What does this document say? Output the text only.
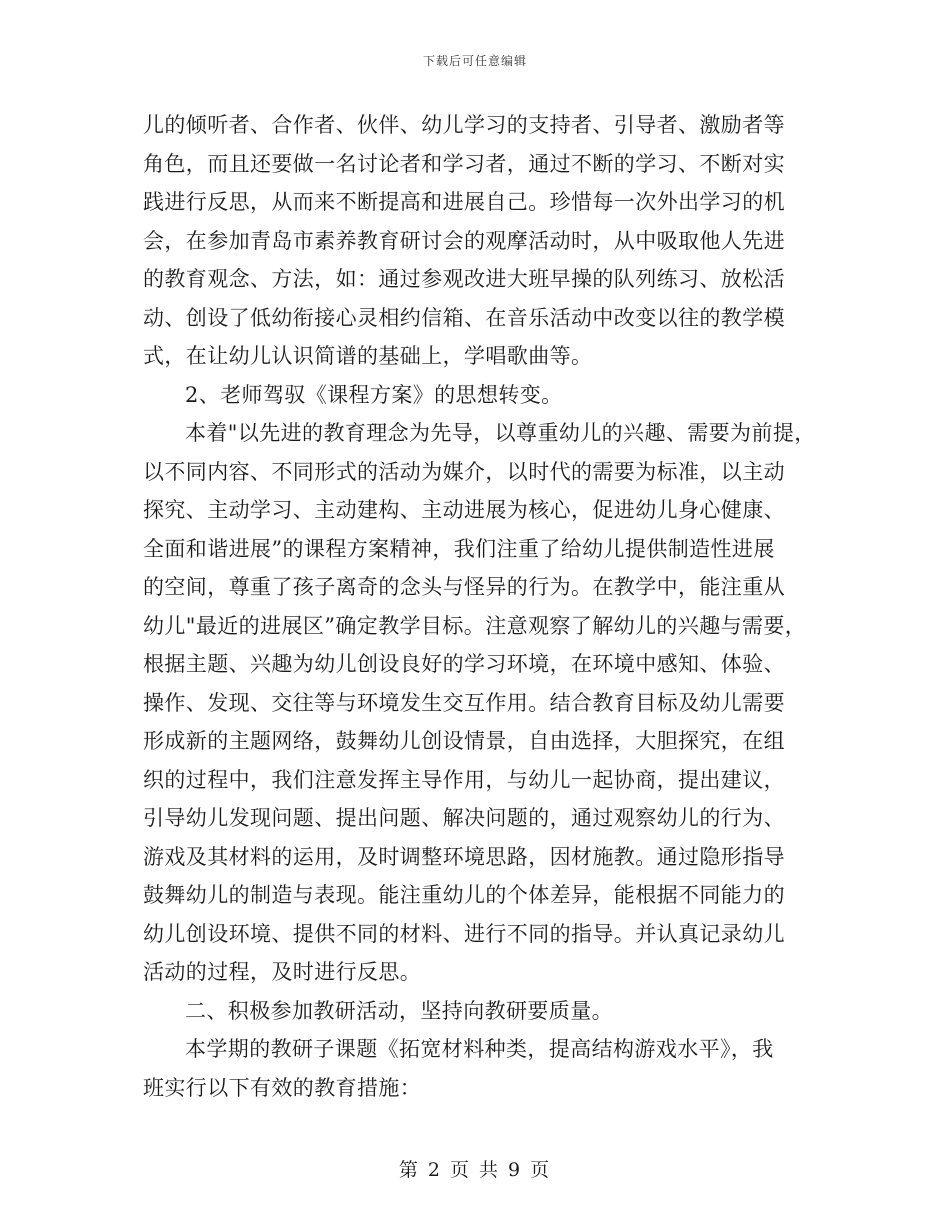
下载后可任意编辑
儿的倾听者、合作者、伙伴、幼儿学习的支持者、引导者、激励者等
角色，而且还要做一名讨论者和学习者，通过不断的学习、不断对实
践进行反思，从而来不断提高和进展自己。珍惜每一次外出学习的机
会，在参加青岛市素养教育研讨会的观摩活动时，从中吸取他人先进
的教育观念、方法，如：通过参观改进大班早操的队列练习、放松活
动、创设了低幼衔接心灵相约信箱、在音乐活动中改变以往的教学模
式，在让幼儿认识简谱的基础上，学唱歌曲等。
2、老师驾驭《课程方案》的思想转变。
本着"以先进的教育理念为先导，以尊重幼儿的兴趣、需要为前提，
以不同内容、不同形式的活动为媒介，以时代的需要为标准，以主动
探究、主动学习、主动建构、主动进展为核心，促进幼儿身心健康、
全面和谐进展”的课程方案精神，我们注重了给幼儿提供制造性进展
的空间，尊重了孩子离奇的念头与怪异的行为。在教学中，能注重从
幼儿"最近的进展区”确定教学目标。注意观察了解幼儿的兴趣与需要，
根据主题、兴趣为幼儿创设良好的学习环境，在环境中感知、体验、
操作、发现、交往等与环境发生交互作用。结合教育目标及幼儿需要
形成新的主题网络，鼓舞幼儿创设情景，自由选择，大胆探究，在组
织的过程中，我们注意发挥主导作用，与幼儿一起协商，提出建议，
引导幼儿发现问题、提出问题、解决问题的，通过观察幼儿的行为、
游戏及其材料的运用，及时调整环境思路，因材施教。通过隐形指导
鼓舞幼儿的制造与表现。能注重幼儿的个体差异，能根据不同能力的
幼儿创设环境、提供不同的材料、进行不同的指导。并认真记录幼儿
活动的过程，及时进行反思。
二、积极参加教研活动，坚持向教研要质量。
本学期的教研子课题《拓宽材料种类，提高结构游戏水平》，我
班实行以下有效的教育措施：
第 2 页 共 9 页
